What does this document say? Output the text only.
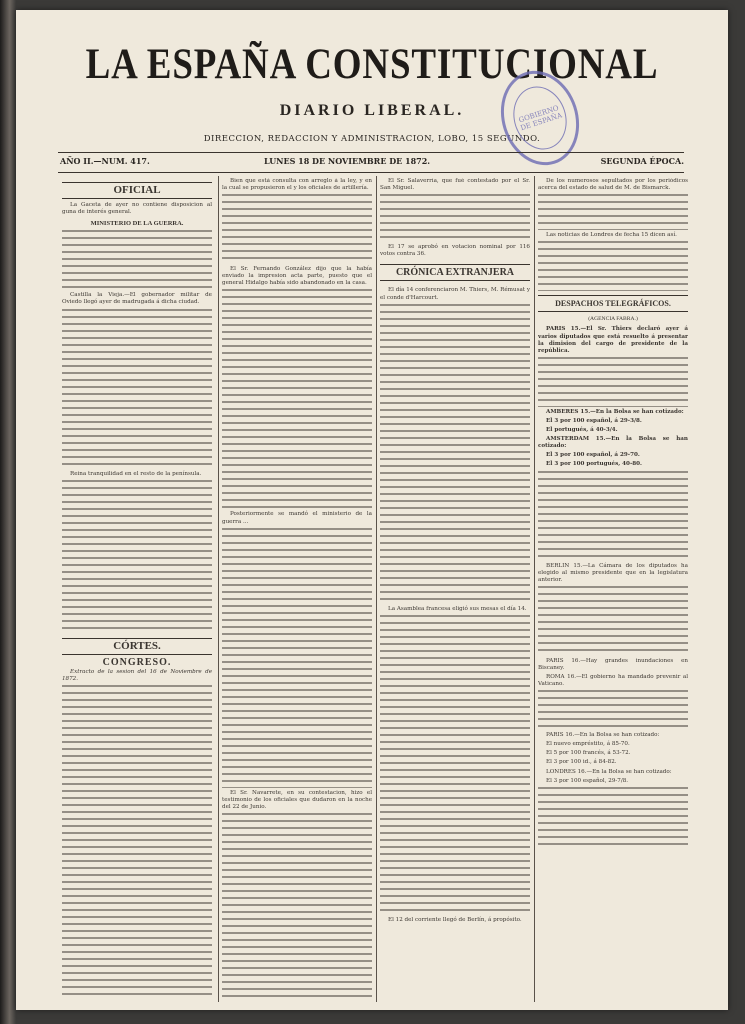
LA ESPAÑA CONSTITUCIONAL
DIARIO LIBERAL.
DIRECCION, REDACCION Y ADMINISTRACION, LOBO, 15 SEGUNDO.
GOBIERNO DE ESPAÑA
AÑO II.—NUM. 417.	LUNES 18 DE NOVIEMBRE DE 1872.	SEGUNDA ÉPOCA.
OFICIAL

La Gaceta de ayer no contiene disposicion al guna de interés general.

MINISTERIO DE LA GUERRA.

Castilla la Vieja.—El gobernador militar de Oviedo llegó ayer de madrugada á dicha ciudad.

Reina tranquilidad en el resto de la península.

CÓRTES.
CONGRESO.

Extracto de la sesion del 16 de Noviembre de 1872.

Bien que está consulta con arreglo á la ley, y en la cual se propusieron el y los oficiales de artillería.

El Sr. Fernando González dijo que la había enviado la impresion acta parte, puesto que el general Hidalgo había sido abandonado en la casa.

Posteriormente se mandó el ministerio de la guerra ...

El Sr. Navarrete, en su contestacion, hizo el testimonio de los oficiales que dudaron en la noche del 22 de Junio.

El Sr. Salaverría, que fué contestado por el Sr. San Miguel.

El 17 se aprobó en votacion nominal por 116 votos contra 36.

CRÓNICA EXTRANJERA

El día 14 conferenciaron M. Thiers, M. Rémusat y el conde d'Harcourt.

La Asamblea francesa eligió sus mesas el día 14.

El 12 del corriente llegó de Berlín, á propósito.

De los numerosos sepultados por los periódicos acerca del estado de salud de M. de Bismarck.

Las noticias de Londres de fecha 15 dicen así.

DESPACHOS TELEGRÁFICOS.
(AGENCIA FABRA.)

PARIS 15.—El Sr. Thiers declaró ayer á varios diputados que está resuelto á presentar la dimision del cargo de presidente de la república.

AMBERES 15.—En la Bolsa se han cotizado:

El 3 por 100 español, á 29-3/8.

El portugués, á 40-3/4.

AMSTERDAM 15.—En la Bolsa se han cotizado:

El 3 por 100 español, á 29-70.

El 3 por 100 portugués, 40-80.

BERLIN 15.—La Cámara de los diputados ha elegido al mismo presidente que en la legislatura anterior.

PARIS 16.—Hay grandes inundaciones en Biscaney.

ROMA 16.—El gobierno ha mandado prevenir al Vaticano.

PARIS 16.—En la Bolsa se han cotizado:

El nuevo empréstito, á 85-70.

El 5 por 100 francés, á 53-72.

El 3 por 100 id., á 84-82.

LONDRES 16.—En la Bolsa se han cotizado:

El 3 por 100 español, 29-7/8.
